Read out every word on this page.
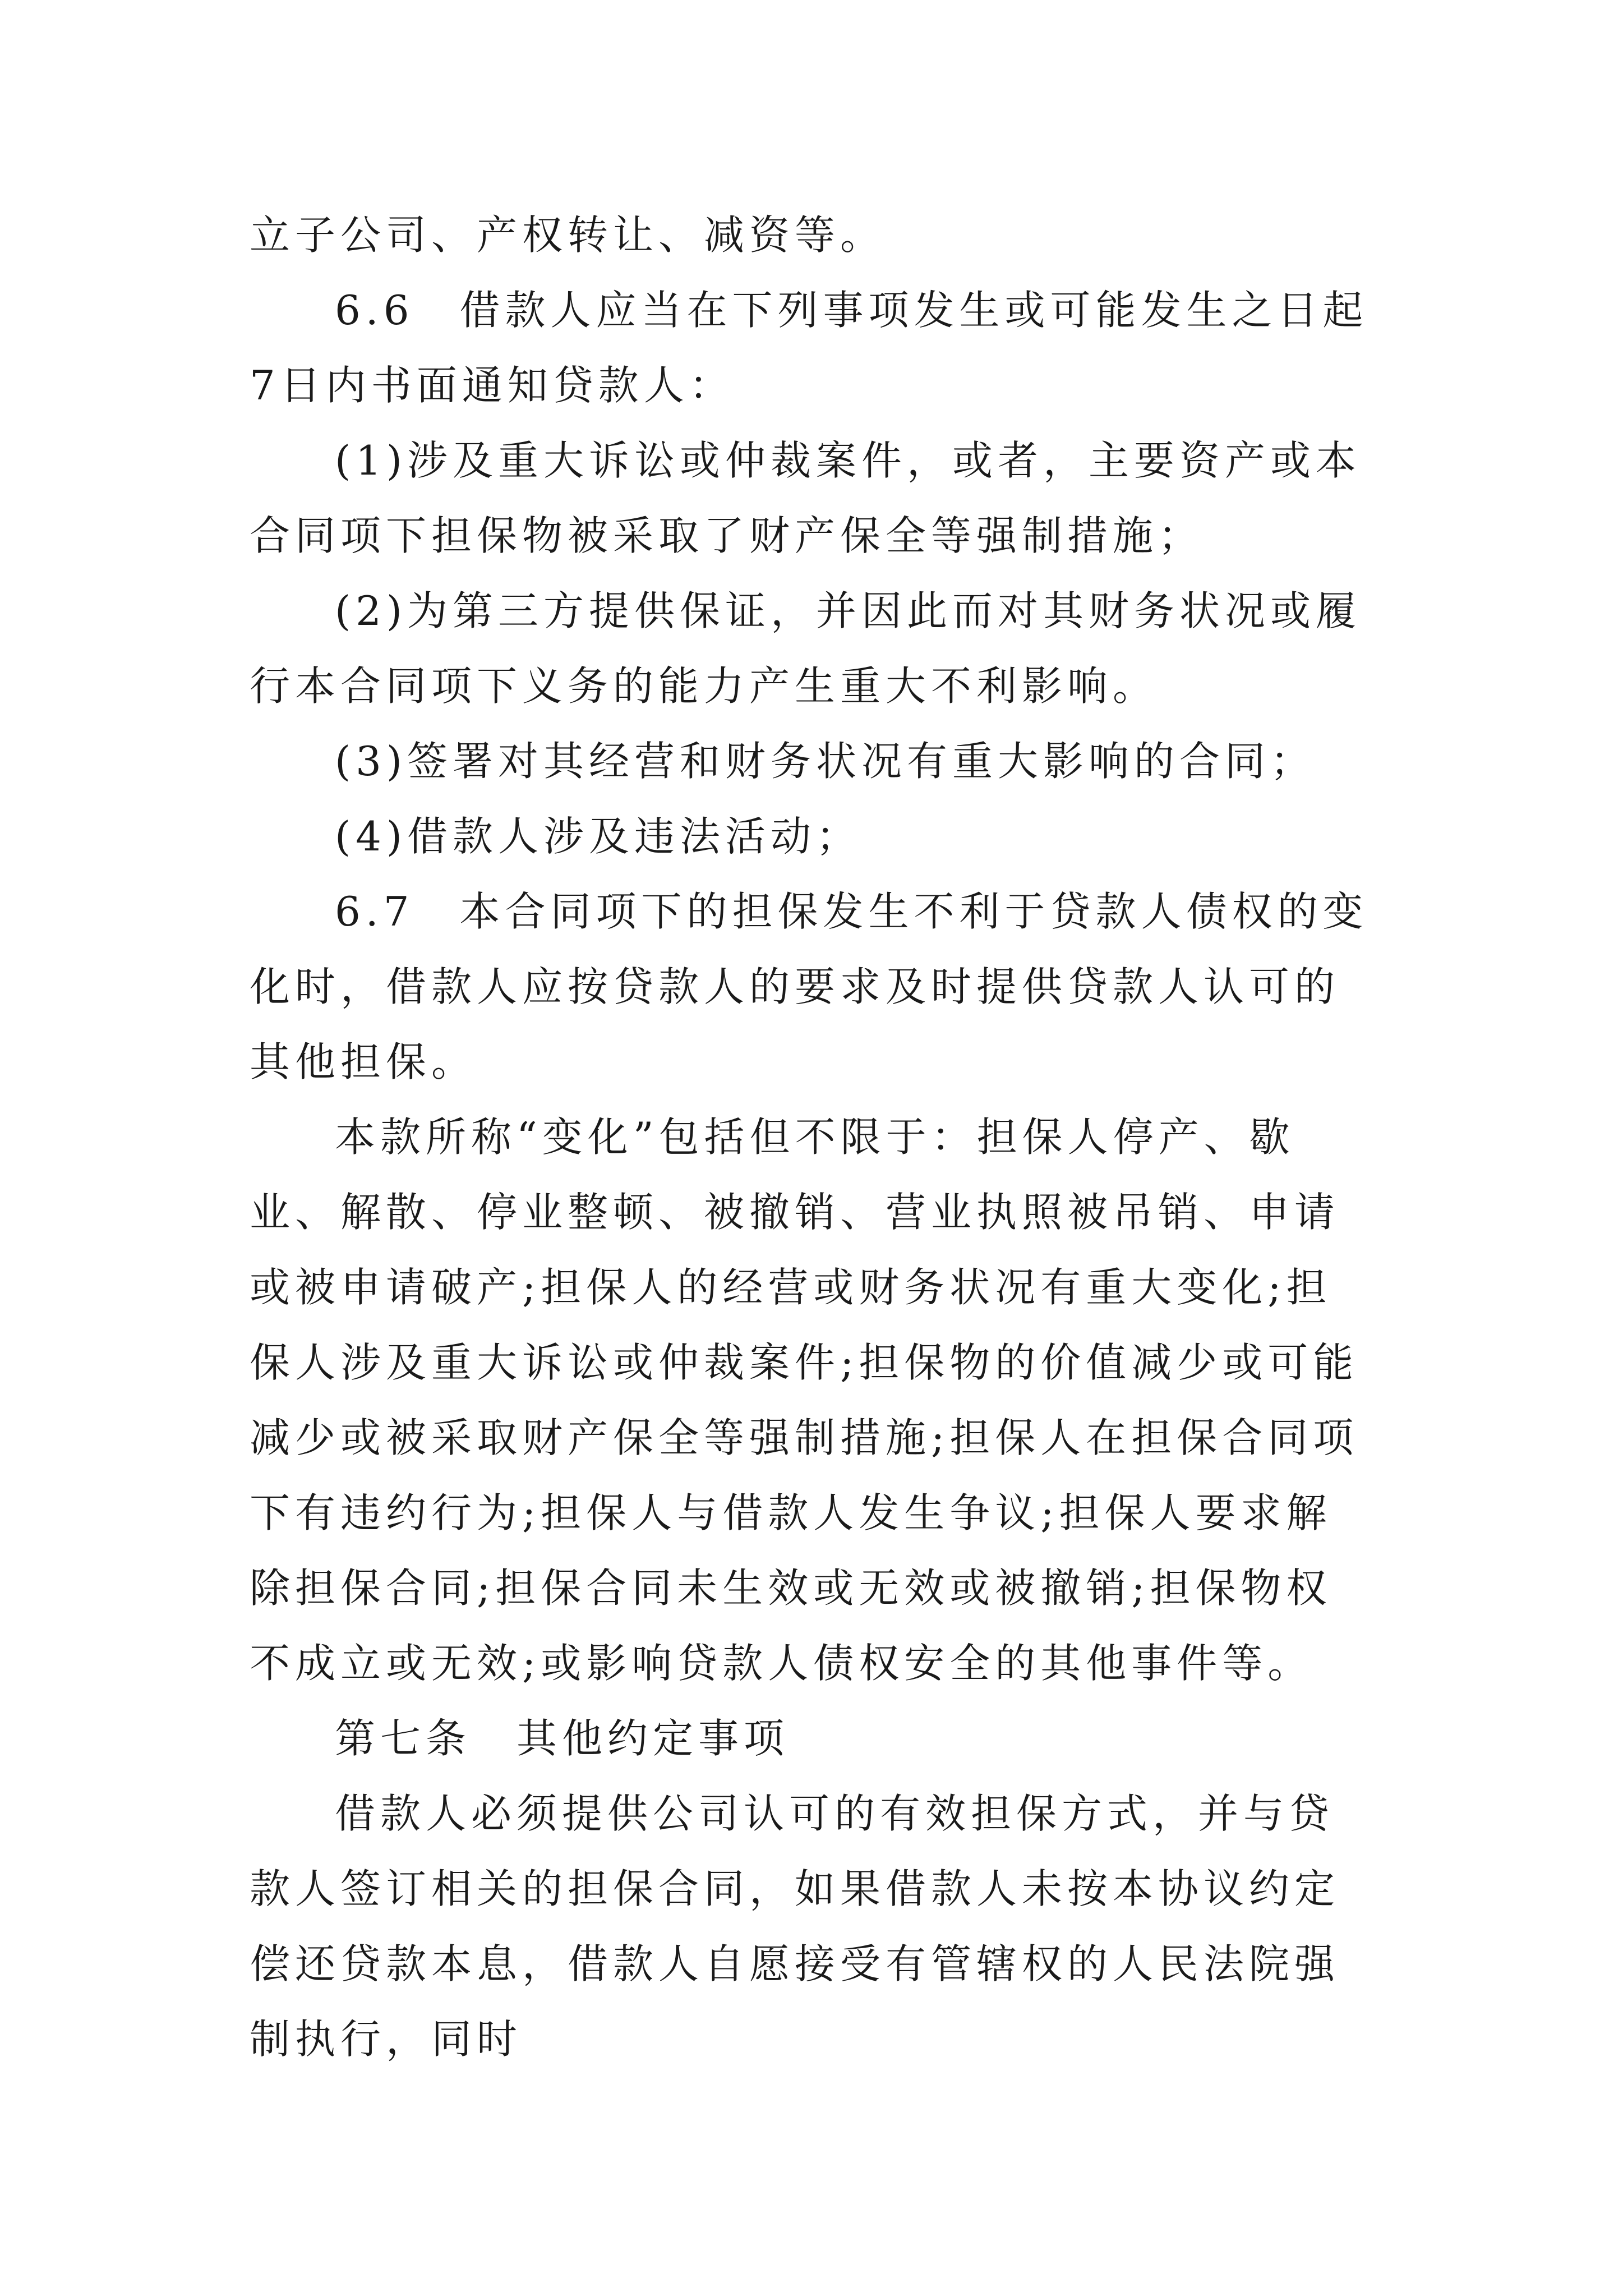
立子公司、产权转让、减资等。

6.6　借款人应当在下列事项发生或可能发生之日起7日内书面通知贷款人：

(1)涉及重大诉讼或仲裁案件，或者，主要资产或本合同项下担保物被采取了财产保全等强制措施；

(2)为第三方提供保证，并因此而对其财务状况或履行本合同项下义务的能力产生重大不利影响。

(3)签署对其经营和财务状况有重大影响的合同；

(4)借款人涉及违法活动；

6.7　本合同项下的担保发生不利于贷款人债权的变化时，借款人应按贷款人的要求及时提供贷款人认可的其他担保。

本款所称“变化”包括但不限于：担保人停产、歇业、解散、停业整顿、被撤销、营业执照被吊销、申请或被申请破产;担保人的经营或财务状况有重大变化;担保人涉及重大诉讼或仲裁案件;担保物的价值减少或可能减少或被采取财产保全等强制措施;担保人在担保合同项下有违约行为;担保人与借款人发生争议;担保人要求解除担保合同;担保合同未生效或无效或被撤销;担保物权不成立或无效;或影响贷款人债权安全的其他事件等。

第七条　其他约定事项

借款人必须提供公司认可的有效担保方式，并与贷款人签订相关的担保合同，如果借款人未按本协议约定偿还贷款本息，借款人自愿接受有管辖权的人民法院强制执行，同时
